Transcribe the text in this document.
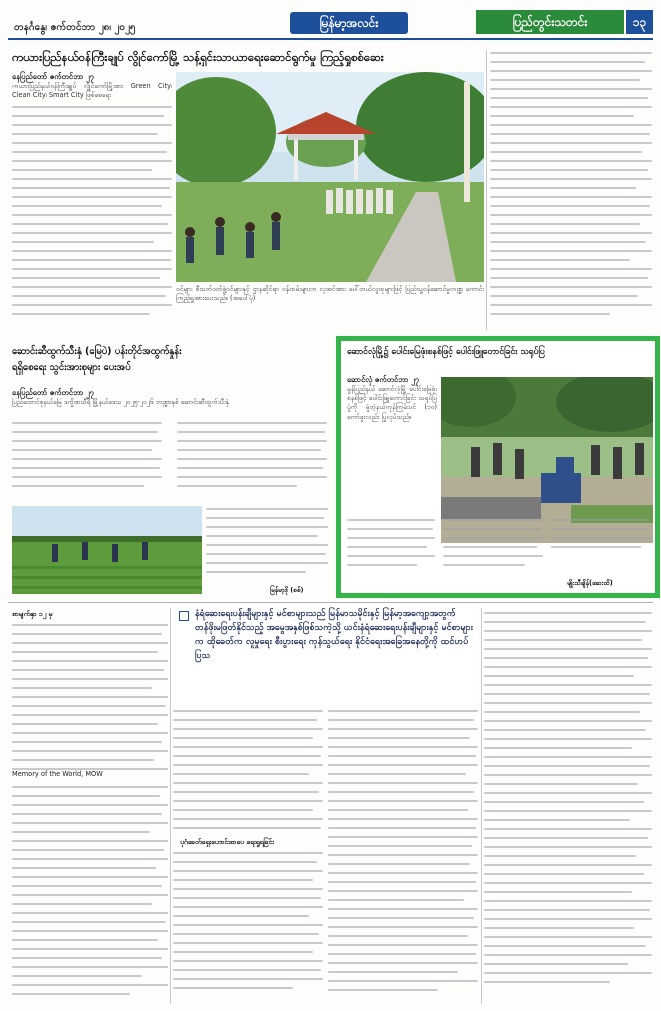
တနင်္ဂနွေ၊ ဇက်တင်ဘာ ၂၈၊ ၂၀၂၅	မြန်မာ့အလင်း	ပြည်တွင်းသတင်း	၁၃
ကယားပြည်နယ်ဝန်ကြီးချုပ် လွိုင်ကော်မြို့ သန့်ရှင်းသာယာရေးဆောင်ရွက်မှု ကြည့်ရှုစစ်ဆေး
နေပြည်တော် ဇက်တင်ဘာ ၂၇
ကယားပြည်နယ်ဝန်ကြီးချုပ် လွိုင်ကော်မြို့အား Green City၊ Clean City၊ Smart City ဖြစ်စေရေး
ဝင်များ စီသတ်ဝတ်ဖွဲ့ဝင်များနှင့် ဌာနဆိုင်ရာ ဝန်ထမ်းများက လှအင်အား ပေါ်တယ်လူထုများဖြင့် ပြည်သူ့ဝန်ဆောင်မှုကဏ္ဍ ကောင်း ကြည့်ရှုအားပေးသည်။ (အပေါ်ပုံ)
ဆောင်းဆီထွက်သီးနှံ (မြေပဲ) ပန်းတိုင်အထွက်နှုန်း
ရရှိစေရေး သွင်းအားစုများ ပေးအပ်
နေပြည်တော် ဇက်တင်ဘာ ၂၇
ပြည်ထောင်စုနယ်မြေ ဒက္ခိဏသီရိ မြို့နယ်ဒေသ ၂၀၂၅-၂၀၂၆ ဘဏ္ဍာနှစ် ဆောင်းဆီထွက်သီးနှံ
မြန်မာ့ဒို (စစ်)
ဆောင်လုံမြို့၌ ပေါင်းမြေဖုံးစနစ်ဖြင့် ပေါင်းဖြူတောင်ခြင်း သရုပ်ပြ
ဆောင်လုံ ဇက်တင်ဘာ ၂၇
မွန်ပြည်နယ် ဆောင်လုံမြို့ ပေါင်းမြေဖုံးစနစ်ဖြင့် ပေါင်းဖြူတောင်ခြင်း သရုပ်ပြပွဲကို မှုံတဲ့နယ်ကုန်ကြမ်းပင် (၁၀) ကော်ဖူးလည်း ပြုလုပ်သည်။
မျိုးသီချိန်(ဆေးထိ)
စာမျက်နှာ ၁၂ မှ
Memory of the World, MOW
နံရံဆေးရေးပန်းချီများနှင့် မင်စာများသည် မြန်မာသမိုင်းနှင့် မြန်မာ့အကျော့အတွက် တန်ဖိုးမဖြတ်နိုင်သည့် အမွေအနှစ်ဖြစ်သကဲ့သို့ ယင်းနံရံဆေးရေးပန်းချီများနှင့် မင်စာများက ထိုခေတ်က လူမှုရေး စီးပွားရေး ကုန်သွယ်ရေး နိုင်ငံရေးအခြေအနေတို့ကို ထင်ဟပ်ပြသ
ပုဂံခေတ်ရှေးဟောင်းစာပေ ရေးရှုရခြင်း
